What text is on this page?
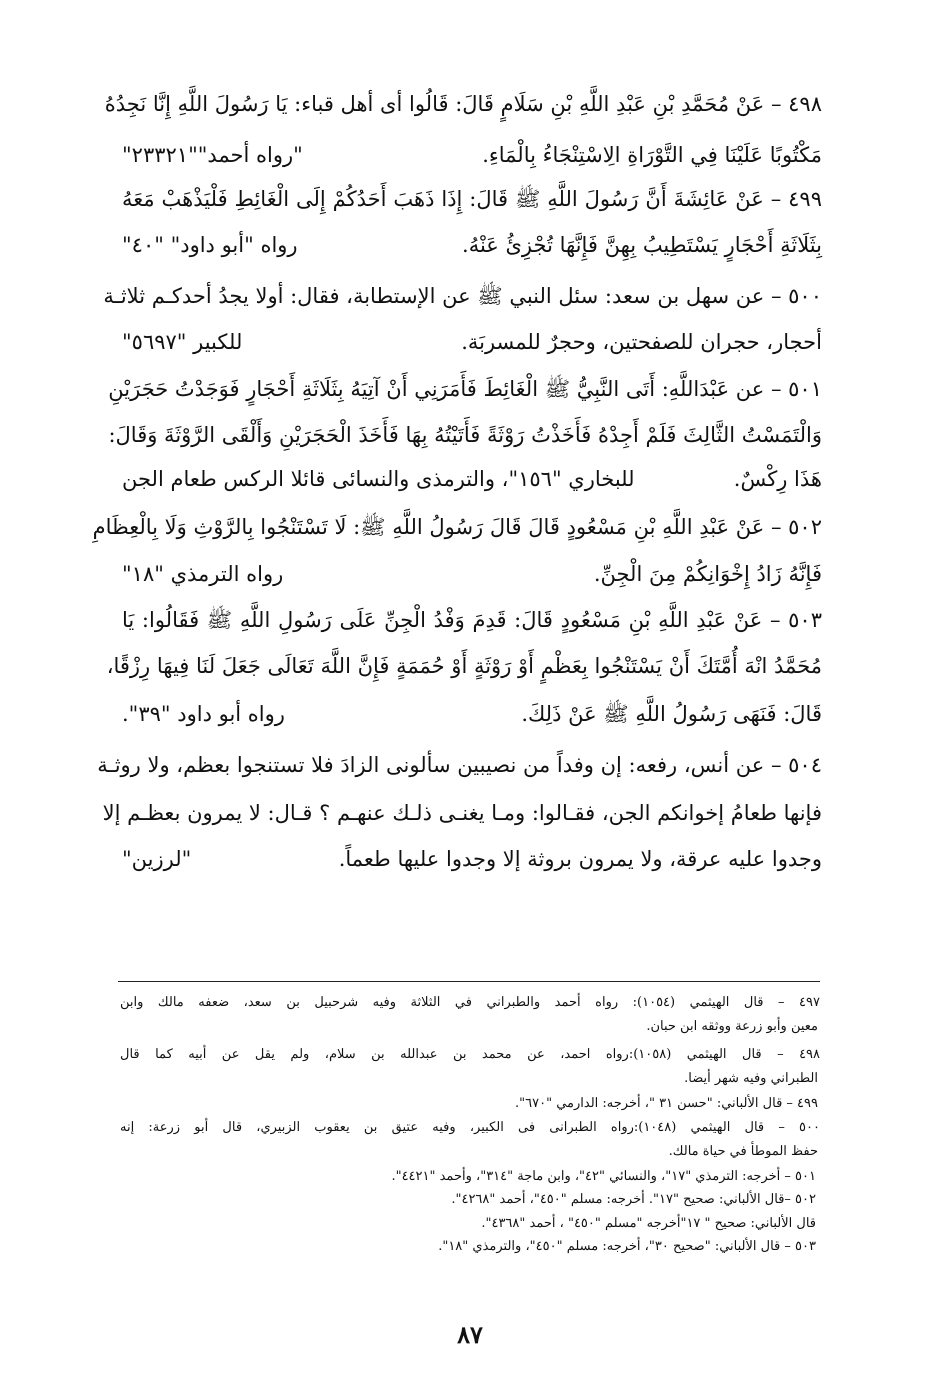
٤٩٨ – عَنْ مُحَمَّدِ بْنِ عَبْدِ اللَّهِ بْنِ سَلَامٍ قَالَ: قَالُوا أى أهل قباء: يَا رَسُولَ اللَّهِ إِنَّا نَجِدُهُ
مَكْتُوبًا عَلَيْنَا فِي التَّوْرَاةِ الِاسْتِنْجَاءُ بِالْمَاءِ.
"رواه أحمد""٢٣٣٢١"
٤٩٩ – عَنْ عَائِشَةَ أَنَّ رَسُولَ اللَّهِ ﷺ قَالَ: إِذَا ذَهَبَ أَحَدُكُمْ إِلَى الْغَائِطِ فَلْيَذْهَبْ مَعَهُ
بِثَلَاثَةِ أَحْجَارٍ يَسْتَطِيبُ بِهِنَّ فَإِنَّهَا تُجْزِئُ عَنْهُ.
رواه "أبو داود" "٤٠"
٥٠٠ – عن سهل بن سعد: سئل النبي ﷺ عن الإستطابة، فقال: أولا يجدُ أحدكـم ثلاثـة
أحجار، حجران للصفحتين، وحجرٌ للمسربَة.
للكبير "٥٦٩٧"
٥٠١ – عن عَبْدَاللَّهِ: أَتَى النَّبِيُّ ﷺ الْغَائِطَ فَأَمَرَنِي أَنْ آتِيَهُ بِثَلَاثَةِ أَحْجَارٍ فَوَجَدْتُ حَجَرَيْنِ
وَالْتَمَسْتُ الثَّالِثَ فَلَمْ أَجِدْهُ فَأَخَذْتُ رَوْثَةً فَأَتَيْتُهُ بِهَا فَأَخَذَ الْحَجَرَيْنِ وَأَلْقَى الرَّوْثَةَ وَقَالَ:
هَذَا رِكْسٌ.
للبخاري "١٥٦"، والترمذى والنسائى قائلا الركس طعام الجن
٥٠٢ – عَنْ عَبْدِ اللَّهِ بْنِ مَسْعُودٍ قَالَ قَالَ رَسُولُ اللَّهِ ﷺ: لَا تَسْتَنْجُوا بِالرَّوْثِ وَلَا بِالْعِظَامِ
فَإِنَّهُ زَادُ إِخْوَانِكُمْ مِنَ الْجِنِّ.
رواه الترمذي "١٨"
٥٠٣ – عَنْ عَبْدِ اللَّهِ بْنِ مَسْعُودٍ قَالَ: قَدِمَ وَفْدُ الْجِنِّ عَلَى رَسُولِ اللَّهِ ﷺ فَقَالُوا: يَا
مُحَمَّدُ انْهَ أُمَّتَكَ أَنْ يَسْتَنْجُوا بِعَظْمٍ أَوْ رَوْثَةٍ أَوْ حُمَمَةٍ فَإِنَّ اللَّهَ تَعَالَى جَعَلَ لَنَا فِيهَا رِزْقًا،
قَالَ: فَنَهَى رَسُولُ اللَّهِ ﷺ عَنْ ذَلِكَ.
رواه أبو داود "٣٩".
٥٠٤ – عن أنس، رفعه: إن وفداً من نصيبين سألونى الزادَ فلا تستنجوا بعظم، ولا روثـة
فإنها طعامُ إخوانكم الجن، فقـالوا: ومـا يغنـى ذلـك عنهـم ؟ قـال: لا يمرون بعظـم إلا
وجدوا عليه عرقة، ولا يمرون بروثة إلا وجدوا عليها طعماً.
"لرزين"
٤٩٧ – قال الهيثمي (١٠٥٤): رواه أحمد والطبراني في الثلاثة وفيه شرحبيل بن سعد، ضعفه مالك وابن
معين وأبو زرعة ووثقه ابن حبان.
٤٩٨ – قال الهيثمي (١٠٥٨):رواه احمد، عن محمد بن عبدالله بن سلام، ولم يقل عن أبيه كما قال
الطبراني وفيه شهر أيضا.
٤٩٩ – قال الألباني: "حسن ٣١ "، أخرجه: الدارمي "٦٧٠".
٥٠٠ – قال الهيثمي (١٠٤٨):رواه الطبرانى فى الكبير، وفيه عتيق بن يعقوب الزبيري، قال أبو زرعة: إنه
حفظ الموطأ في حياة مالك.
٥٠١ – أخرجه: الترمذي "١٧"، والنسائي "٤٢"، وابن ماجة "٣١٤"، وأحمد "٤٤٢١".
٥٠٢ –قال الألباني: صحيح "١٧". أخرجه: مسلم "٤٥٠"، أحمد "٤٢٦٨".
قال الألباني: صحيح " ١٧"أخرجه "مسلم "٤٥٠" ، أحمد "٤٣٦٨".
٥٠٣ – قال الألباني: "صحيح ٣٠"، أخرجه: مسلم "٤٥٠"، والترمذي "١٨".
٨٧
